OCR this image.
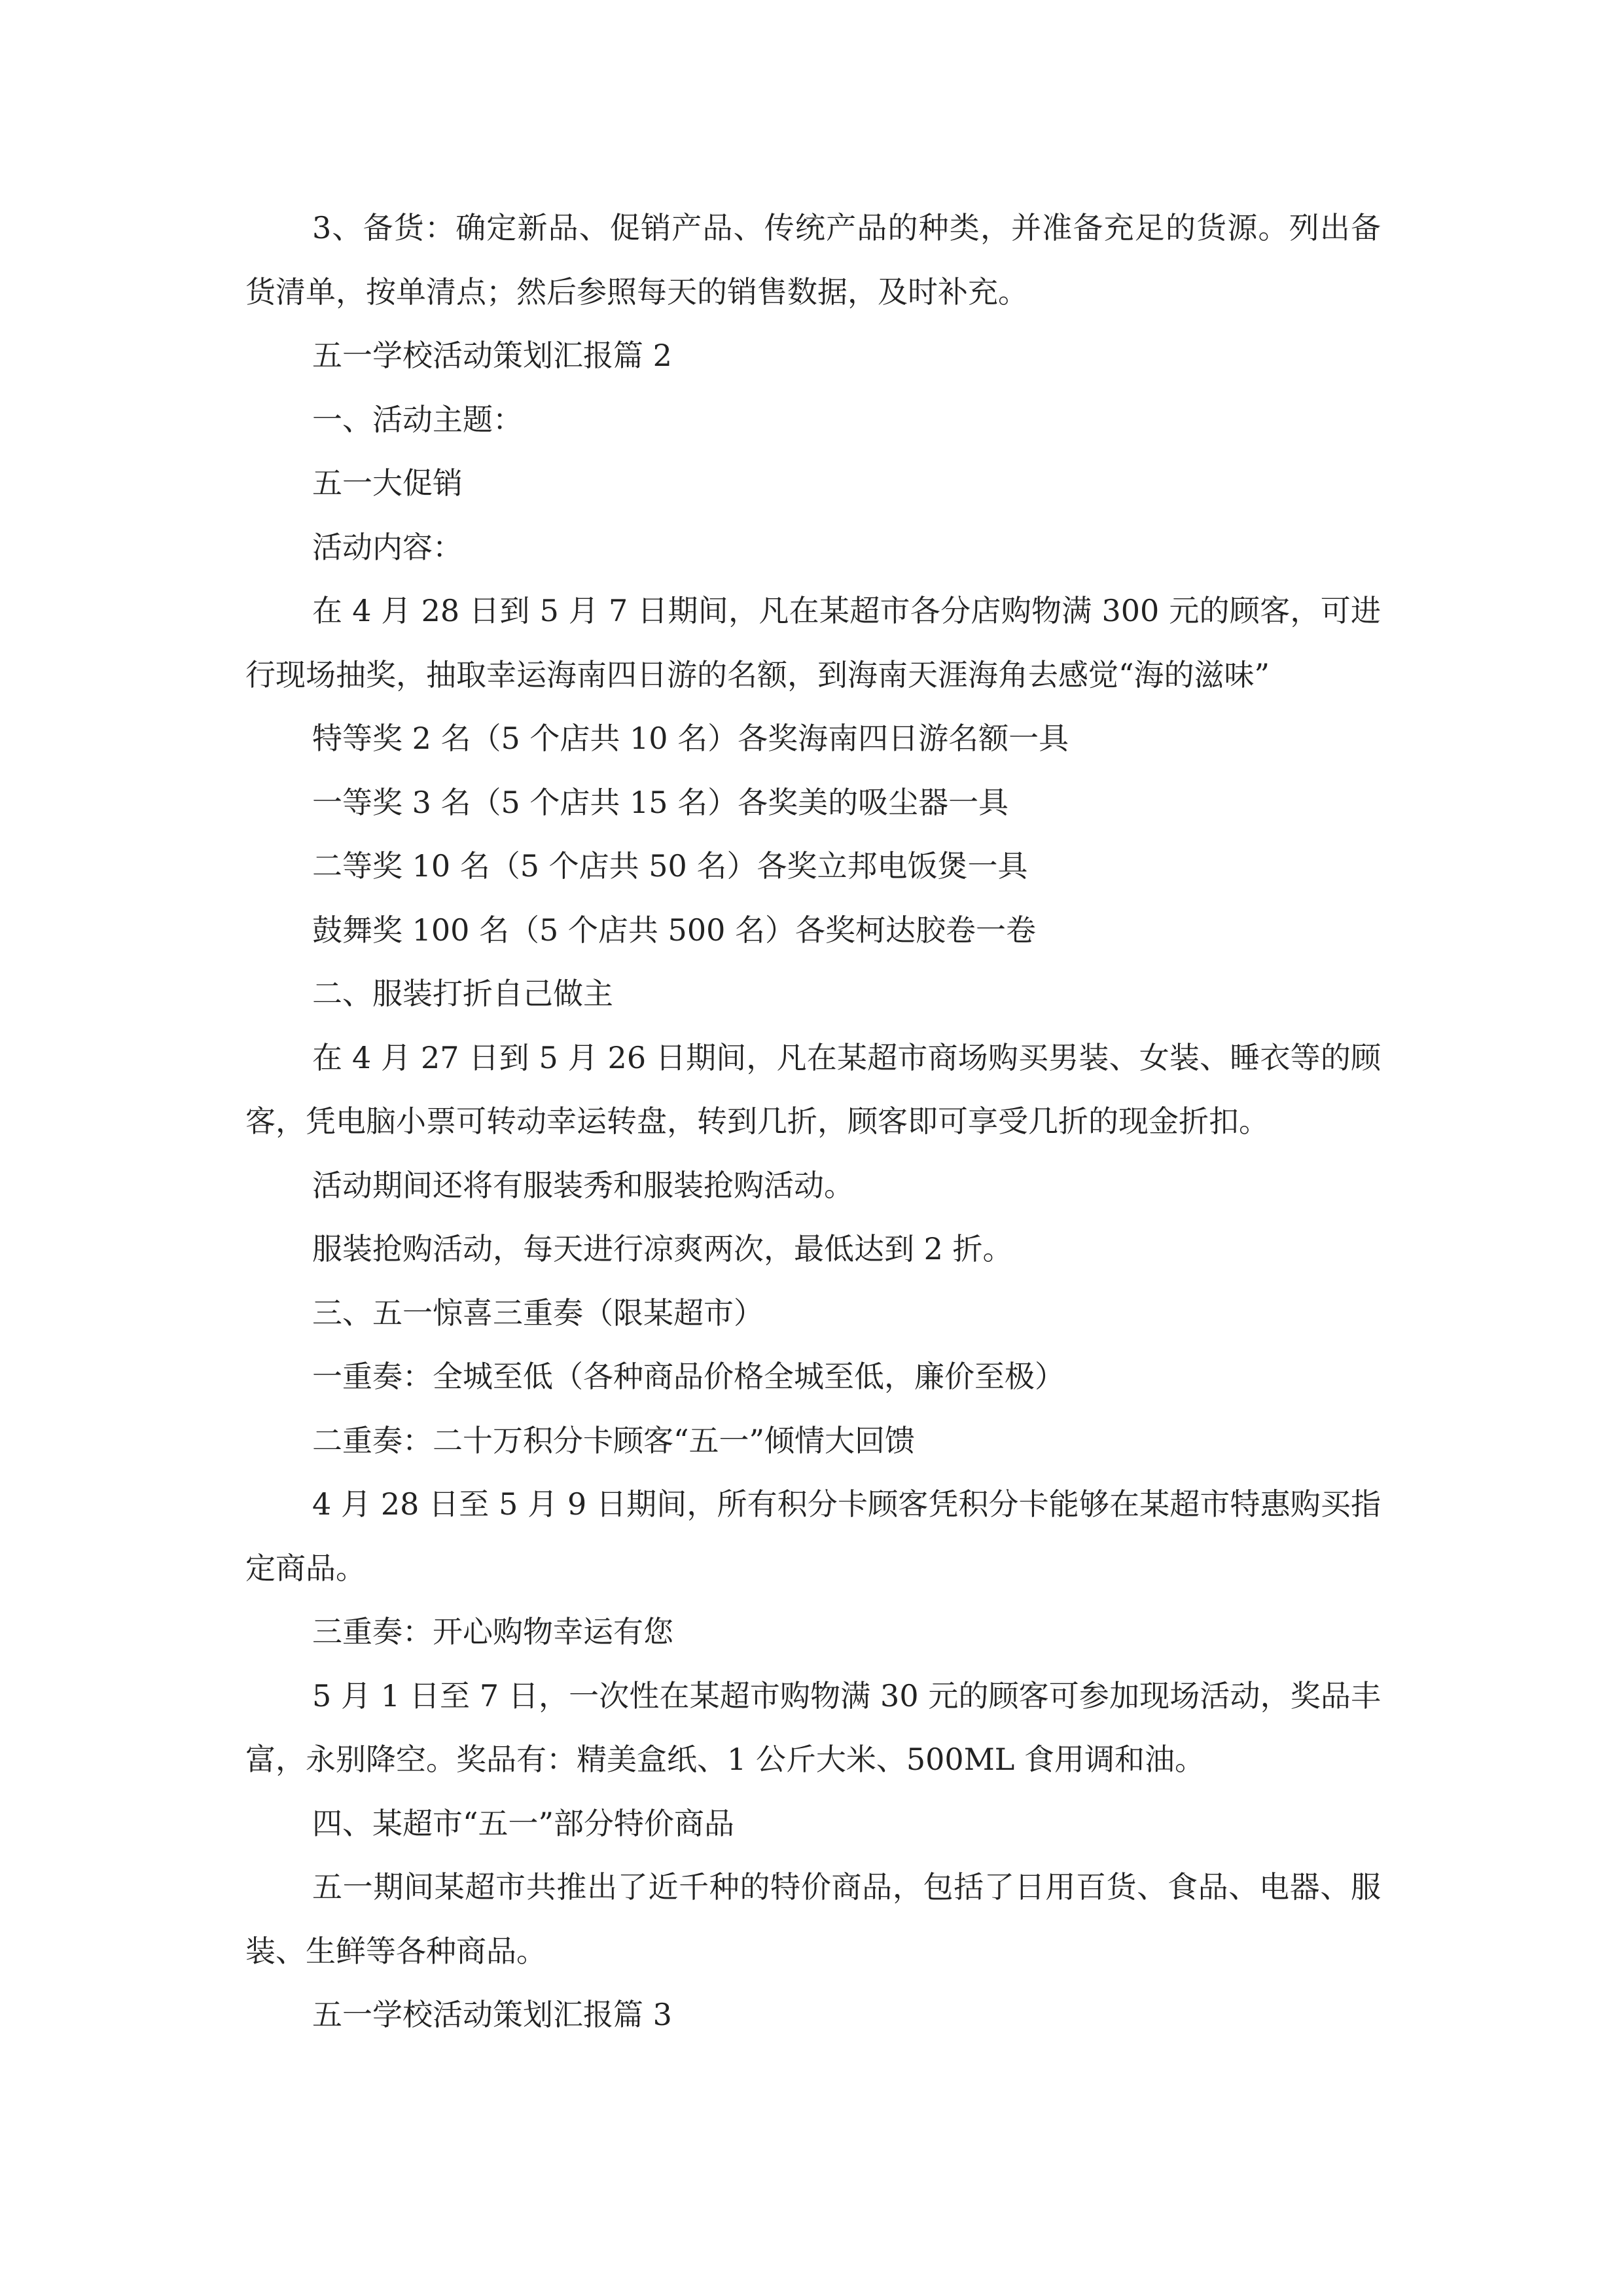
3、备货：确定新品、促销产品、传统产品的种类，并准备充足的货源。列出备货清单，按单清点；然后参照每天的销售数据，及时补充。

五一学校活动策划汇报篇 2

一、活动主题：

五一大促销

活动内容：

在 4 月 28 日到 5 月 7 日期间，凡在某超市各分店购物满 300 元的顾客，可进行现场抽奖，抽取幸运海南四日游的名额，到海南天涯海角去感觉“海的滋味”

特等奖 2 名（5 个店共 10 名）各奖海南四日游名额一具

一等奖 3 名（5 个店共 15 名）各奖美的吸尘器一具

二等奖 10 名（5 个店共 50 名）各奖立邦电饭煲一具

鼓舞奖 100 名（5 个店共 500 名）各奖柯达胶卷一卷

二、服装打折自己做主

在 4 月 27 日到 5 月 26 日期间，凡在某超市商场购买男装、女装、睡衣等的顾客，凭电脑小票可转动幸运转盘，转到几折，顾客即可享受几折的现金折扣。

活动期间还将有服装秀和服装抢购活动。

服装抢购活动，每天进行凉爽两次，最低达到 2 折。

三、五一惊喜三重奏（限某超市）

一重奏：全城至低（各种商品价格全城至低，廉价至极）

二重奏：二十万积分卡顾客“五一”倾情大回馈

4 月 28 日至 5 月 9 日期间，所有积分卡顾客凭积分卡能够在某超市特惠购买指定商品。

三重奏：开心购物幸运有您

5 月 1 日至 7 日，一次性在某超市购物满 30 元的顾客可参加现场活动，奖品丰富，永别降空。奖品有：精美盒纸、1 公斤大米、500ML 食用调和油。

四、某超市“五一”部分特价商品

五一期间某超市共推出了近千种的特价商品，包括了日用百货、食品、电器、服装、生鲜等各种商品。

五一学校活动策划汇报篇 3
